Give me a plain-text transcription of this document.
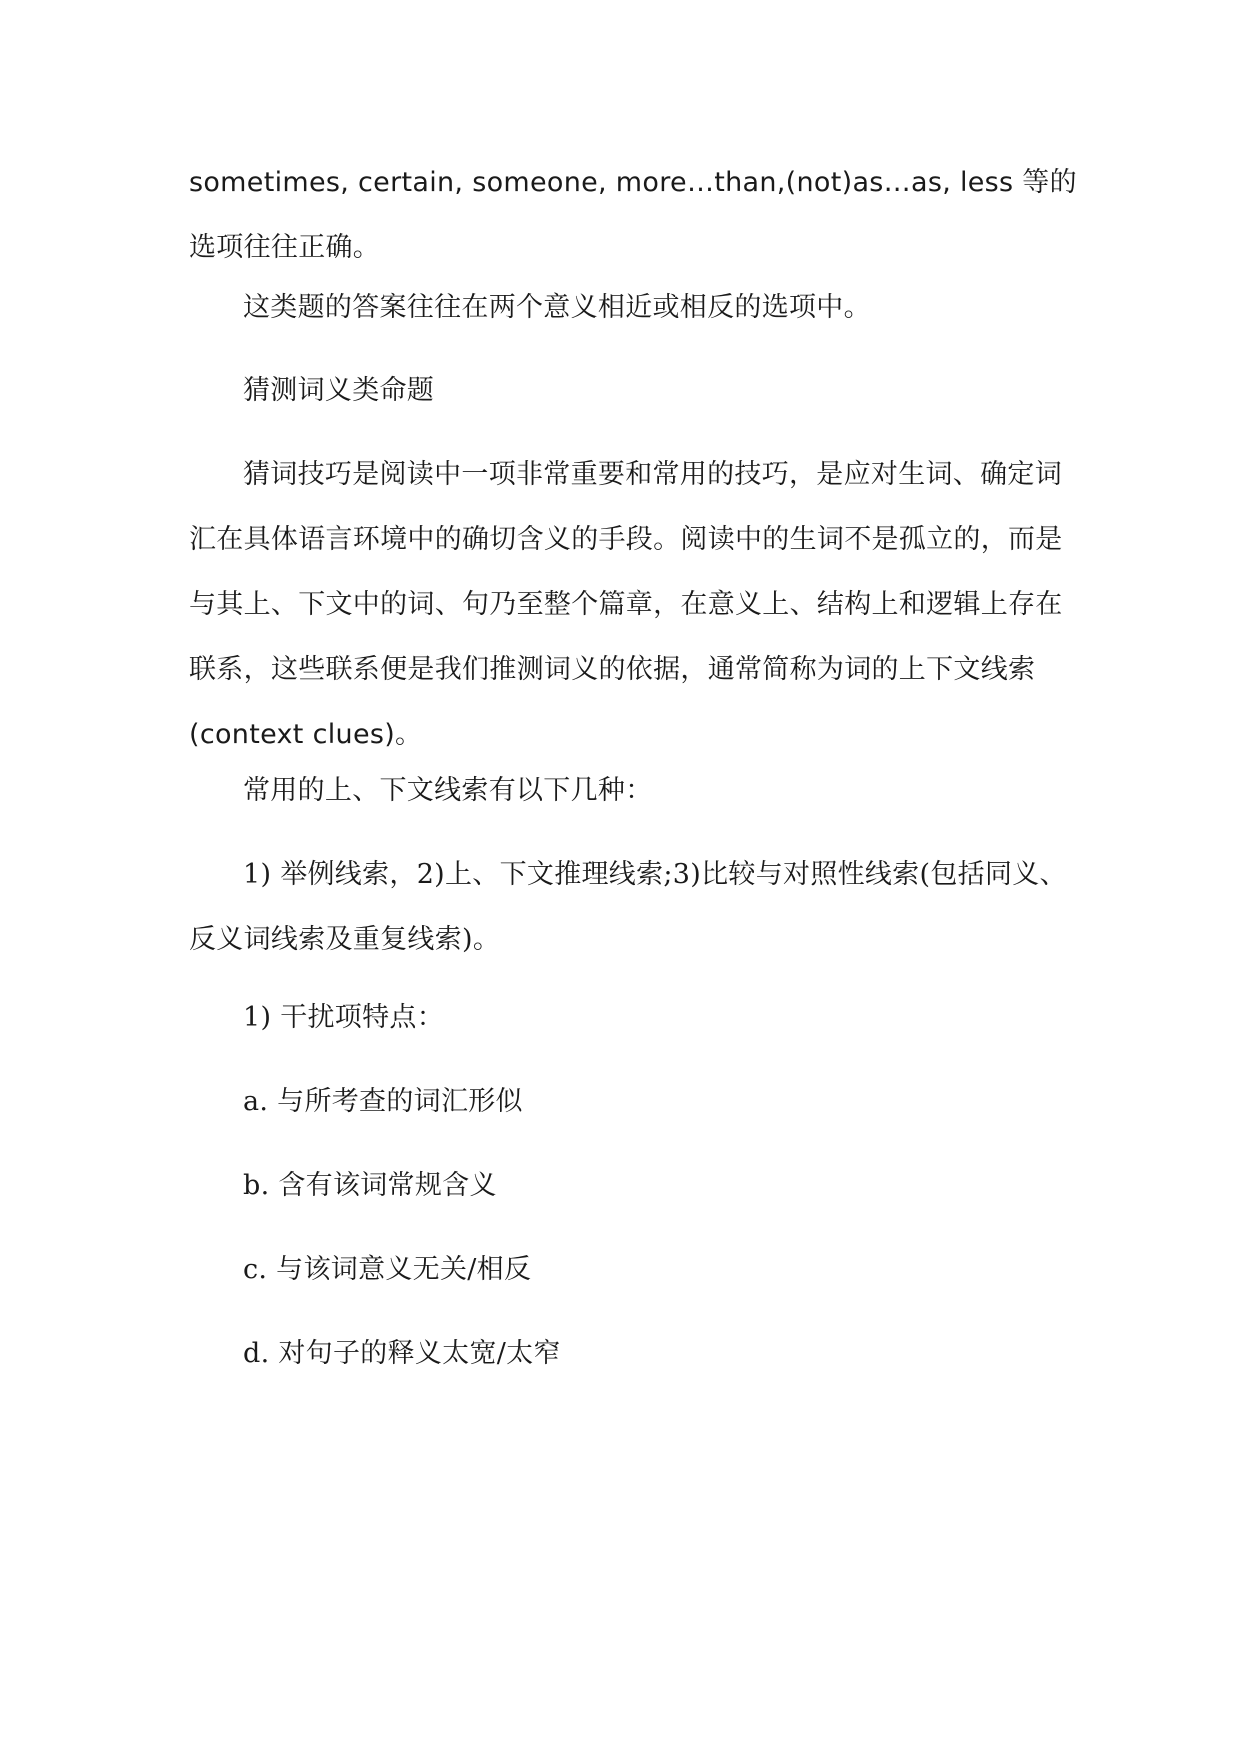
sometimes, certain, someone, more…than,(not)as…as, less 等的
选项往往正确。
这类题的答案往往在两个意义相近或相反的选项中。
猜测词义类命题
猜词技巧是阅读中一项非常重要和常用的技巧，是应对生词、确定词
汇在具体语言环境中的确切含义的手段。阅读中的生词不是孤立的，而是
与其上、下文中的词、句乃至整个篇章，在意义上、结构上和逻辑上存在
联系，这些联系便是我们推测词义的依据，通常简称为词的上下文线索
(context clues)。
常用的上、下文线索有以下几种：
1) 举例线索，2)上、下文推理线索;3)比较与对照性线索(包括同义、
反义词线索及重复线索)。
1) 干扰项特点：
a. 与所考查的词汇形似
b. 含有该词常规含义
c. 与该词意义无关/相反
d. 对句子的释义太宽/太窄
